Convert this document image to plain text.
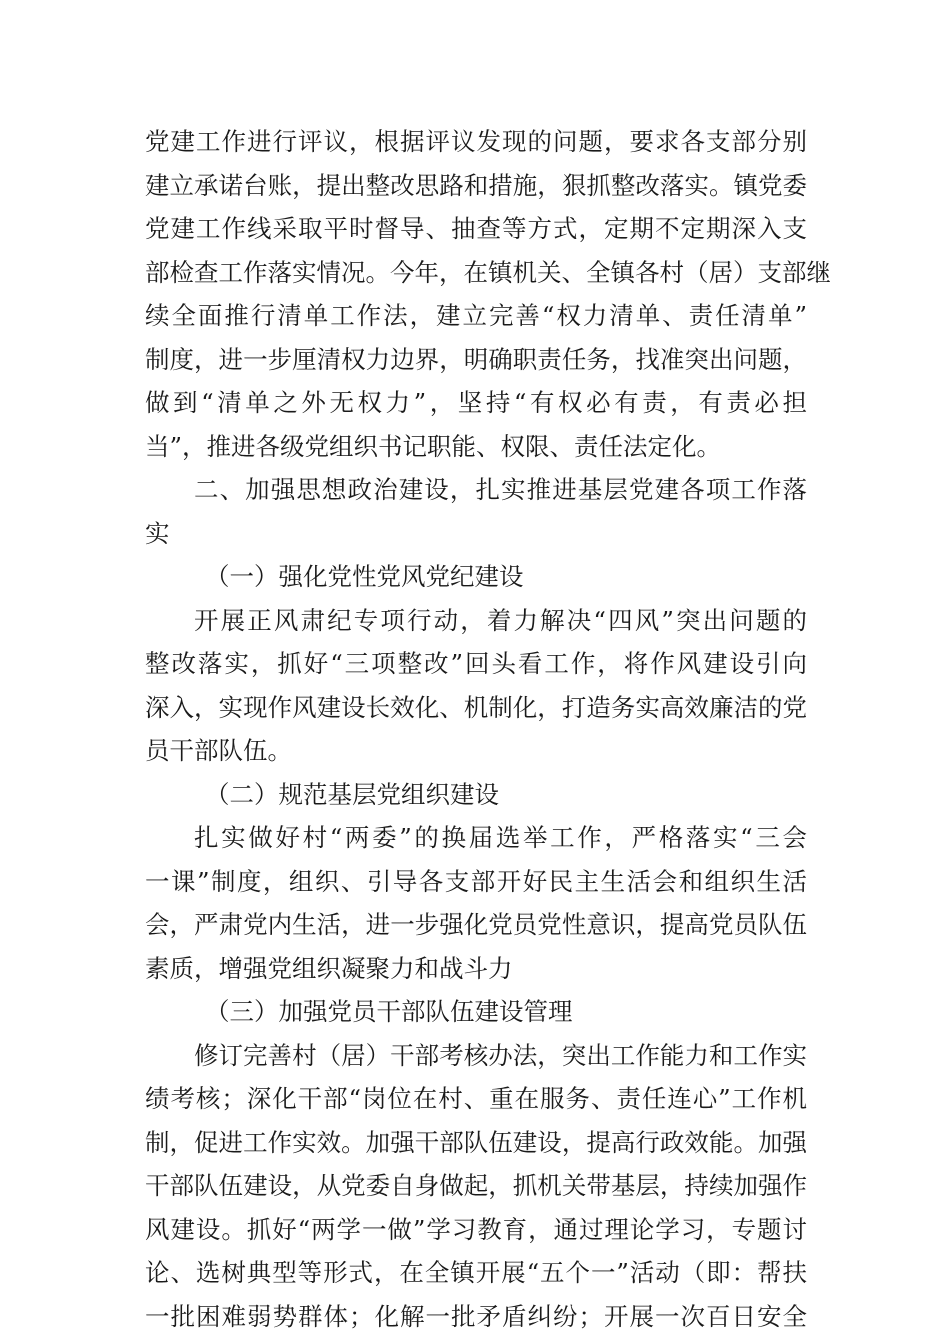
党建工作进行评议，根据评议发现的问题，要求各支部分别

建立承诺台账，提出整改思路和措施，狠抓整改落实。镇党委

党建工作线采取平时督导、抽查等方式，定期不定期深入支

部检查工作落实情况。今年，在镇机关、全镇各村（居）支部继

续全面推行清单工作法，建立完善“权力清单、责任清单”

制度，进一步厘清权力边界，明确职责任务，找准突出问题，

做到“清单之外无权力”，坚持“有权必有责，有责必担

当”，推进各级党组织书记职能、权限、责任法定化。

二、加强思想政治建设，扎实推进基层党建各项工作落

实

（一）强化党性党风党纪建设

开展正风肃纪专项行动，着力解决“四风”突出问题的

整改落实，抓好“三项整改”回头看工作，将作风建设引向

深入，实现作风建设长效化、机制化，打造务实高效廉洁的党

员干部队伍。

（二）规范基层党组织建设

扎实做好村“两委”的换届选举工作，严格落实“三会

一课”制度，组织、引导各支部开好民主生活会和组织生活

会，严肃党内生活，进一步强化党员党性意识，提高党员队伍

素质，增强党组织凝聚力和战斗力

（三）加强党员干部队伍建设管理

修订完善村（居）干部考核办法，突出工作能力和工作实

绩考核；深化干部“岗位在村、重在服务、责任连心”工作机

制，促进工作实效。加强干部队伍建设，提高行政效能。加强

干部队伍建设，从党委自身做起，抓机关带基层，持续加强作

风建设。抓好“两学一做”学习教育，通过理论学习，专题讨

论、选树典型等形式，在全镇开展“五个一”活动（即：帮扶

一批困难弱势群体；化解一批矛盾纠纷；开展一次百日安全
